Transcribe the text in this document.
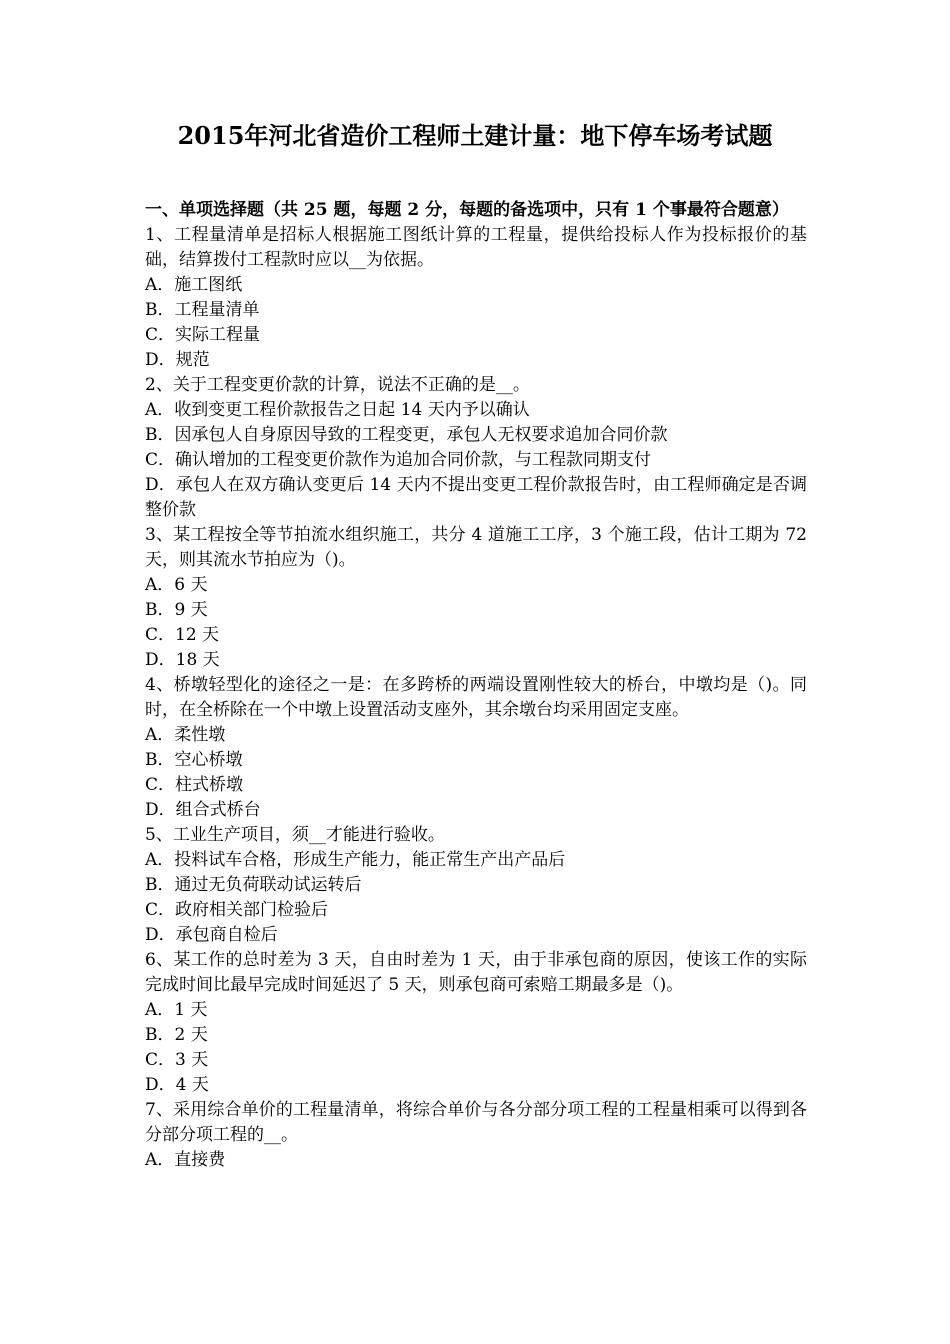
2015年河北省造价工程师土建计量：地下停车场考试题

一、单项选择题（共 25 题，每题 2 分，每题的备选项中，只有 1 个事最符合题意）

1、工程量清单是招标人根据施工图纸计算的工程量，提供给投标人作为投标报价的基础，结算拨付工程款时应以__为依据。

A．施工图纸

B．工程量清单

C．实际工程量

D．规范

2、关于工程变更价款的计算，说法不正确的是__。

A．收到变更工程价款报告之日起 14 天内予以确认

B．因承包人自身原因导致的工程变更，承包人无权要求追加合同价款

C．确认增加的工程变更价款作为追加合同价款，与工程款同期支付

D．承包人在双方确认变更后 14 天内不提出变更工程价款报告时，由工程师确定是否调整价款

3、某工程按全等节拍流水组织施工，共分 4 道施工工序，3 个施工段，估计工期为 72 天，则其流水节拍应为（)。

A．6 天

B．9 天

C．12 天

D．18 天

4、桥墩轻型化的途径之一是：在多跨桥的两端设置刚性较大的桥台，中墩均是（)。同时，在全桥除在一个中墩上设置活动支座外，其余墩台均采用固定支座。

A．柔性墩

B．空心桥墩

C．柱式桥墩

D．组合式桥台

5、工业生产项目，须__才能进行验收。

A．投料试车合格，形成生产能力，能正常生产出产品后

B．通过无负荷联动试运转后

C．政府相关部门检验后

D．承包商自检后

6、某工作的总时差为 3 天，自由时差为 1 天，由于非承包商的原因，使该工作的实际完成时间比最早完成时间延迟了 5 天，则承包商可索赔工期最多是（)。

A．1 天

B．2 天

C．3 天

D．4 天

7、采用综合单价的工程量清单，将综合单价与各分部分项工程的工程量相乘可以得到各分部分项工程的__。

A．直接费
